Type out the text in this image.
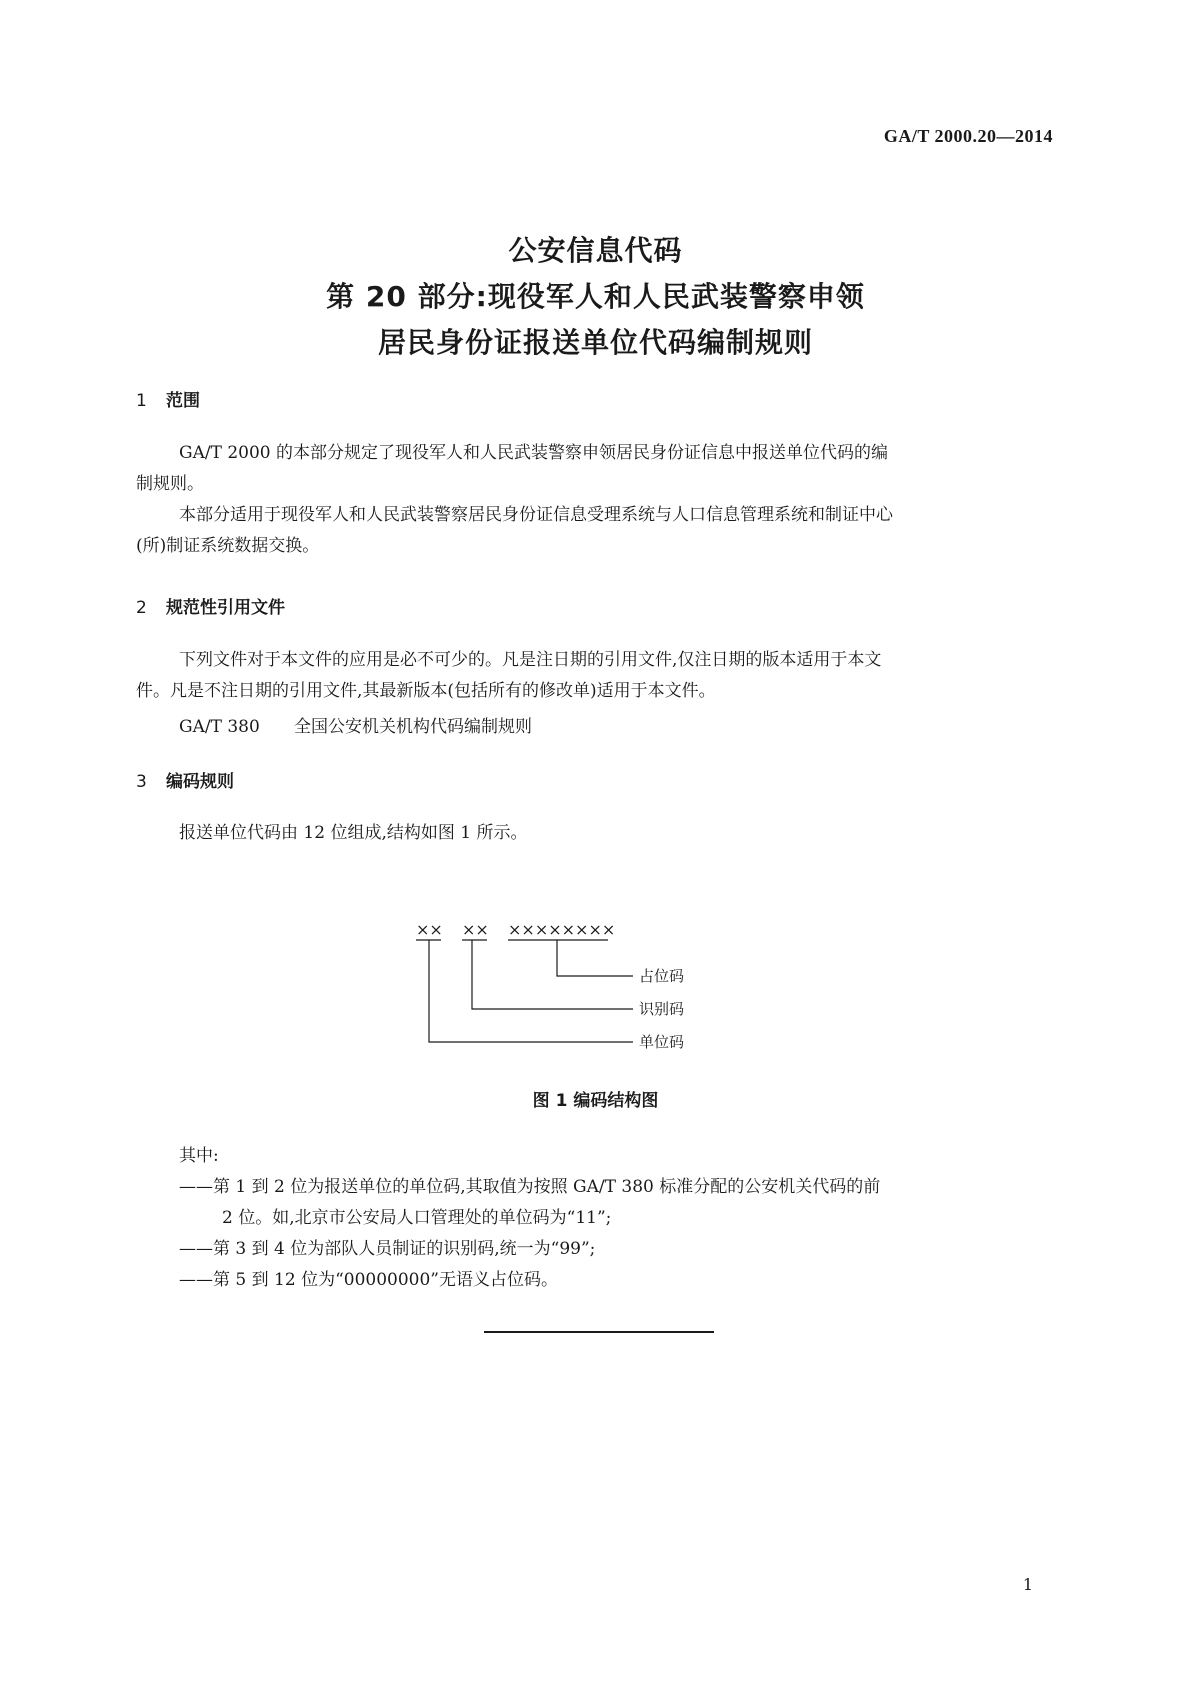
GA/T 2000.20—2014
公安信息代码
第 20 部分:现役军人和人民武装警察申领
居民身份证报送单位代码编制规则
1 范围

GA/T 2000 的本部分规定了现役军人和人民武装警察申领居民身份证信息中报送单位代码的编

制规则。

本部分适用于现役军人和人民武装警察居民身份证信息受理系统与人口信息管理系统和制证中心

(所)制证系统数据交换。

2 规范性引用文件

下列文件对于本文件的应用是必不可少的。凡是注日期的引用文件,仅注日期的版本适用于本文

件。凡是不注日期的引用文件,其最新版本(包括所有的修改单)适用于本文件。

GA/T 380 全国公安机关机构代码编制规则
3 编码规则

报送单位代码由 12 位组成,结构如图 1 所示。

×× ×× ××××××××
占位码
识别码
单位码
图 1 编码结构图

其中:

——第 1 到 2 位为报送单位的单位码,其取值为按照 GA/T 380 标准分配的公安机关代码的前

2 位。如,北京市公安局人口管理处的单位码为“11”;

——第 3 到 4 位为部队人员制证的识别码,统一为“99”;

——第 5 到 12 位为“00000000”无语义占位码。

1
